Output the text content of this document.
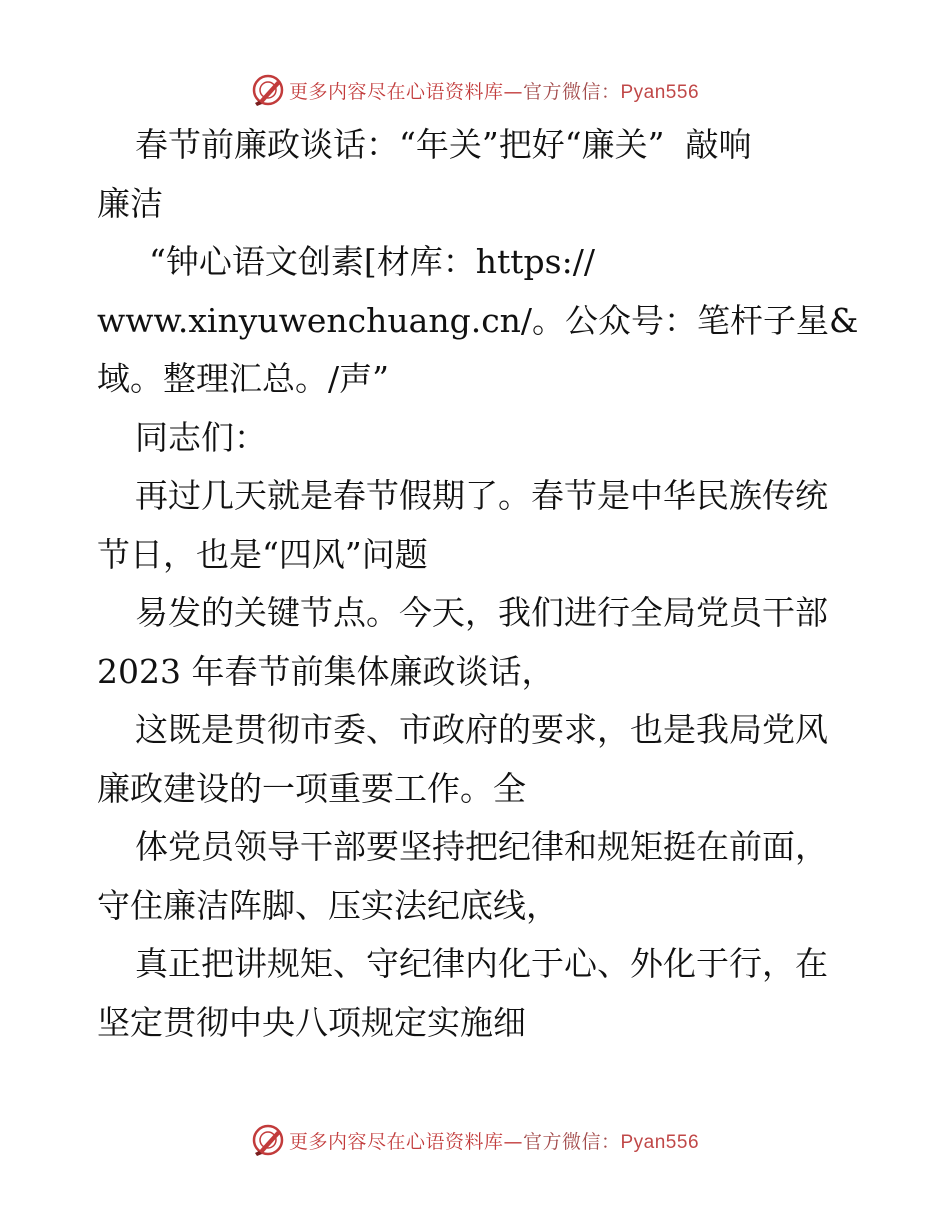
更多内容尽在心语资料库—官方微信：Pyan556
春节前廉政谈话：“年关”把好“廉关”  敲响
廉洁
“钟心语文创素[材库：https://
www.xinyuwenchuang.cn/。公众号：笔杆子星&
域。整理汇总。/声”
同志们：
再过几天就是春节假期了。春节是中华民族传统
节日，也是“四风”问题
易发的关键节点。今天，我们进行全局党员干部
2023 年春节前集体廉政谈话，
这既是贯彻市委、市政府的要求，也是我局党风
廉政建设的一项重要工作。全
体党员领导干部要坚持把纪律和规矩挺在前面，
守住廉洁阵脚、压实法纪底线，
真正把讲规矩、守纪律内化于心、外化于行，在
坚定贯彻中央八项规定实施细
更多内容尽在心语资料库—官方微信：Pyan556
